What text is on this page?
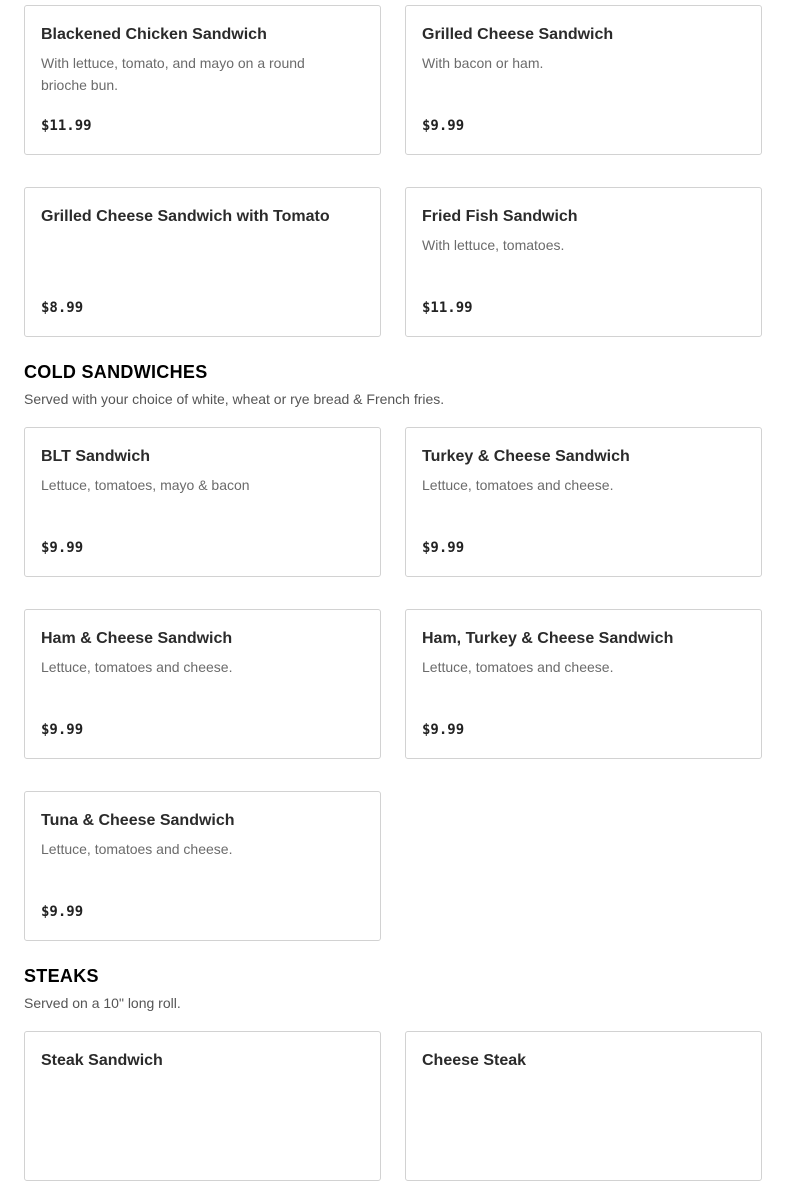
Blackened Chicken Sandwich
With lettuce, tomato, and mayo on a round brioche bun.
$11.99
Grilled Cheese Sandwich
With bacon or ham.
$9.99
Grilled Cheese Sandwich with Tomato
$8.99
Fried Fish Sandwich
With lettuce, tomatoes.
$11.99
COLD SANDWICHES
Served with your choice of white, wheat or rye bread & French fries.
BLT Sandwich
Lettuce, tomatoes, mayo & bacon
$9.99
Turkey & Cheese Sandwich
Lettuce, tomatoes and cheese.
$9.99
Ham & Cheese Sandwich
Lettuce, tomatoes and cheese.
$9.99
Ham, Turkey & Cheese Sandwich
Lettuce, tomatoes and cheese.
$9.99
Tuna & Cheese Sandwich
Lettuce, tomatoes and cheese.
$9.99
STEAKS
Served on a 10" long roll.
Steak Sandwich	Cheese Steak
